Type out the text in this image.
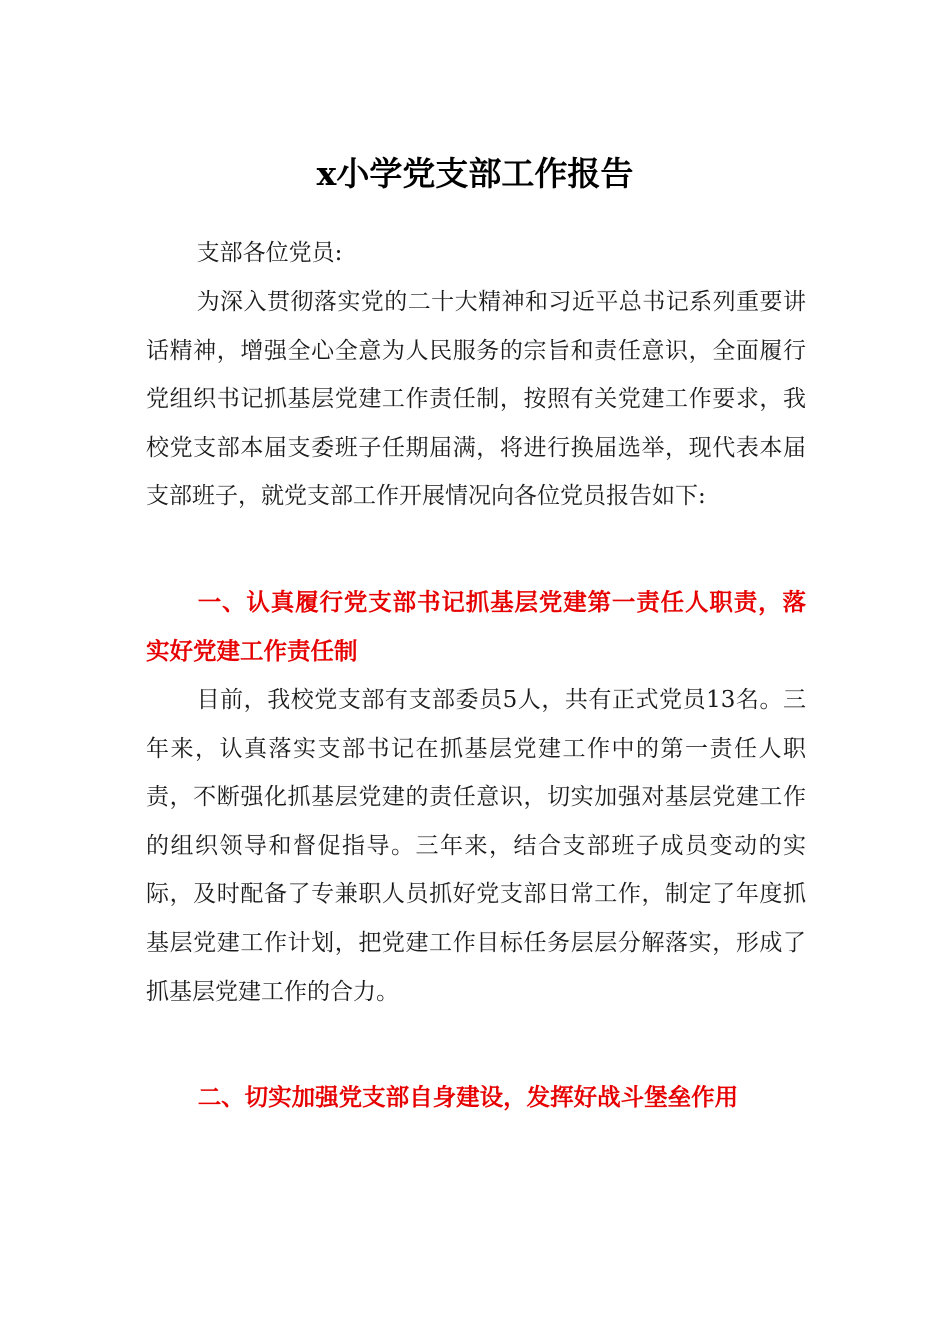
x小学党支部工作报告

支部各位党员:

为深入贯彻落实党的二十大精神和习近平总书记系列重要讲话精神，增强全心全意为人民服务的宗旨和责任意识，全面履行党组织书记抓基层党建工作责任制，按照有关党建工作要求，我校党支部本届支委班子任期届满，将进行换届选举，现代表本届支部班子，就党支部工作开展情况向各位党员报告如下:

一、认真履行党支部书记抓基层党建第一责任人职责，落实好党建工作责任制

目前，我校党支部有支部委员5人，共有正式党员13名。三年来，认真落实支部书记在抓基层党建工作中的第一责任人职责，不断强化抓基层党建的责任意识，切实加强对基层党建工作的组织领导和督促指导。三年来，结合支部班子成员变动的实际，及时配备了专兼职人员抓好党支部日常工作，制定了年度抓基层党建工作计划，把党建工作目标任务层层分解落实，形成了抓基层党建工作的合力。

二、切实加强党支部自身建设，发挥好战斗堡垒作用
